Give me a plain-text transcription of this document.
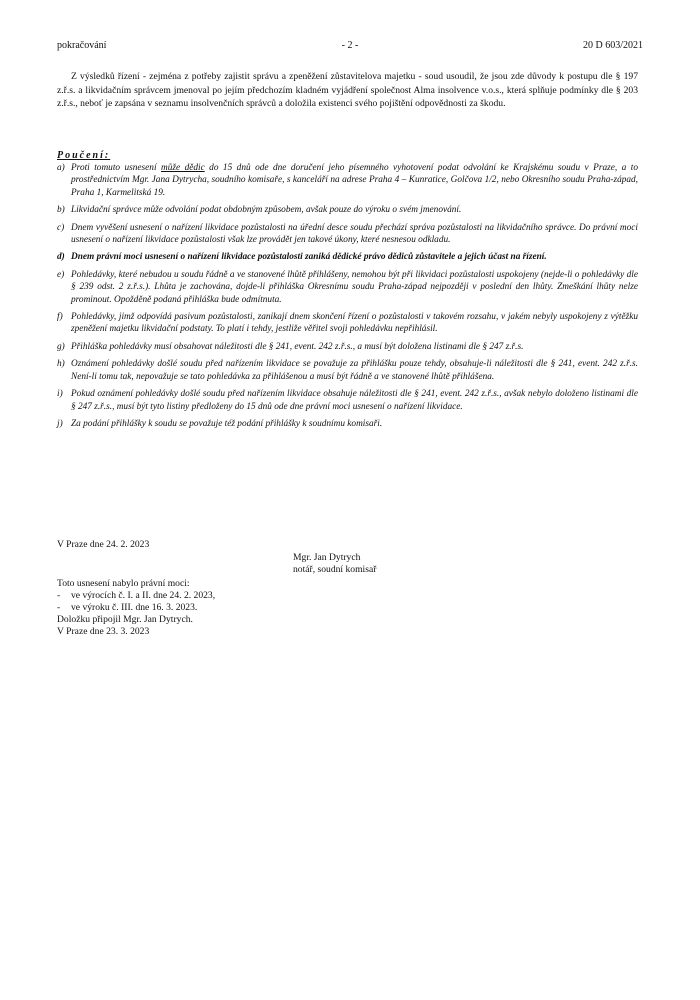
pokračování	- 2 -	20 D 603/2021

Z výsledků řízení - zejména z potřeby zajistit správu a zpeněžení zůstavitelova majetku - soud usoudil, že jsou zde důvody k postupu dle § 197 z.ř.s. a likvidačním správcem jmenoval po jejím předchozím kladném vyjádření společnost Alma insolvence v.o.s., která splňuje podmínky dle § 203 z.ř.s., neboť je zapsána v seznamu insolvenčních správců a doložila existenci svého pojištění odpovědnosti za škodu.

Poučení:
a) Proti tomuto usnesení může dědic do 15 dnů ode dne doručení jeho písemného vyhotovení podat odvolání ke Krajskému soudu v Praze, a to prostřednictvím Mgr. Jana Dytrycha, soudního komisaře, s kanceláří na adrese Praha 4 – Kunratice, Golčova 1/2, nebo Okresního soudu Praha-západ, Praha 1, Karmelitská 19.
b) Likvidační správce může odvolání podat obdobným způsobem, avšak pouze do výroku o svém jmenování.
c) Dnem vyvěšení usnesení o nařízení likvidace pozůstalosti na úřední desce soudu přechází správa pozůstalosti na likvidačního správce. Do právní moci usnesení o nařízení likvidace pozůstalosti však lze provádět jen takové úkony, které nesnesou odkladu.
d) Dnem právní moci usnesení o nařízení likvidace pozůstalosti zaniká dědické právo dědiců zůstavitele a jejich účast na řízení.
e) Pohledávky, které nebudou u soudu řádně a ve stanovené lhůtě přihlášeny, nemohou být při likvidaci pozůstalosti uspokojeny (nejde-li o pohledávky dle § 239 odst. 2 z.ř.s.). Lhůta je zachována, dojde-li přihláška Okresnímu soudu Praha-západ nejpozději v poslední den lhůty. Zmeškání lhůty nelze prominout. Opožděně podaná přihláška bude odmítnuta.
f) Pohledávky, jimž odpovídá pasivum pozůstalosti, zanikají dnem skončení řízení o pozůstalosti v takovém rozsahu, v jakém nebyly uspokojeny z výtěžku zpeněžení majetku likvidační podstaty. To platí i tehdy, jestliže věřitel svoji pohledávku nepřihlásil.
g) Přihláška pohledávky musí obsahovat náležitosti dle § 241, event. 242 z.ř.s., a musí být doložena listinami dle § 247 z.ř.s.
h) Oznámení pohledávky došlé soudu před nařízením likvidace se považuje za přihlášku pouze tehdy, obsahuje-li náležitosti dle § 241, event. 242 z.ř.s. Není-li tomu tak, nepovažuje se tato pohledávka za přihlášenou a musí být řádně a ve stanovené lhůtě přihlášena.
i) Pokud oznámení pohledávky došlé soudu před nařízením likvidace obsahuje náležitosti dle § 241, event. 242 z.ř.s., avšak nebylo doloženo listinami dle § 247 z.ř.s., musí být tyto listiny předloženy do 15 dnů ode dne právní moci usnesení o nařízení likvidace.
j) Za podání přihlášky k soudu se považuje též podání přihlášky k soudnímu komisaři.
V Praze dne 24. 2. 2023
Mgr. Jan Dytrych
notář, soudní komisař
Toto usnesení nabylo právní moci:
- ve výrocích č. I. a II. dne 24. 2. 2023,
- ve výroku č. III. dne 16. 3. 2023.
Doložku připojil Mgr. Jan Dytrych.
V Praze dne 23. 3. 2023
